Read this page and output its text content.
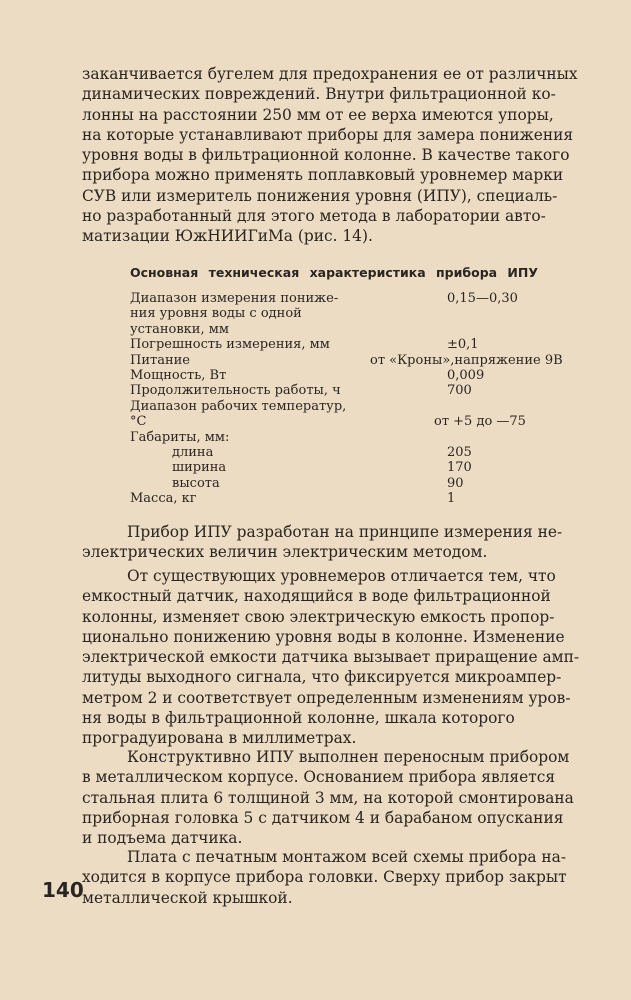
заканчивается бугелем для предохранения ее от различных
динамических повреждений. Внутри фильтрационной ко-
лонны на расстоянии 250 мм от ее верха имеются упоры,
на которые устанавливают приборы для замера понижения
уровня воды в фильтрационной колонне. В качестве такого
прибора можно применять поплавковый уровнемер марки
СУВ или измеритель понижения уровня (ИПУ), специаль-
но разработанный для этого метода в лаборатории авто-
матизации ЮжНИИГиМа (рис. 14).

Основная техническая характеристика прибора ИПУ

Диапазон измерения пониже-
ния уровня воды с одной
установки, мм
0,15—0,30
Погрешность измерения, мм	±0,1
Питание	от «Кроны»,напряжение 9В
Мощность, Вт	0,009
Продолжительность работы, ч	700
Диапазон рабочих температур,
°С	от +5 до —75
Габариты, мм:
длина	205
ширина	170
высота	90
Масса, кг	1

Прибор ИПУ разработан на принципе измерения не-
электрических величин электрическим методом.

От существующих уровнемеров отличается тем, что
емкостный датчик, находящийся в воде фильтрационной
колонны, изменяет свою электрическую емкость пропор-
ционально понижению уровня воды в колонне. Изменение
электрической емкости датчика вызывает приращение амп-
литуды выходного сигнала, что фиксируется микроампер-
метром 2 и соответствует определенным изменениям уров-
ня воды в фильтрационной колонне, шкала которого
проградуирована в миллиметрах.

Конструктивно ИПУ выполнен переносным прибором
в металлическом корпусе. Основанием прибора является
стальная плита 6 толщиной 3 мм, на которой смонтирована
приборная головка 5 с датчиком 4 и барабаном опускания
и подъема датчика.

Плата с печатным монтажом всей схемы прибора на-
ходится в корпусе прибора головки. Сверху прибор закрыт
металлической крышкой.

140
